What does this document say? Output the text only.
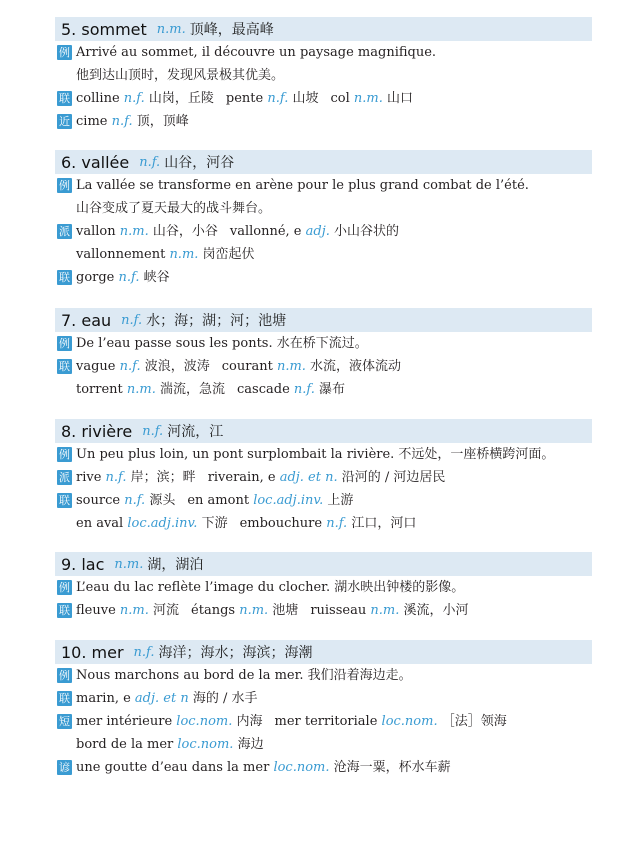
5. sommet n.m. 顶峰，最高峰
例 Arrivé au sommet, il découvre un paysage magnifique.
他到达山顶时，发现风景极其优美。
联 colline n.f. 山岗，丘陵 pente n.f. 山坡 col n.m. 山口
近 cime n.f. 顶，顶峰
6. vallée n.f. 山谷，河谷
例 La vallée se transforme en arène pour le plus grand combat de l’été.
山谷变成了夏天最大的战斗舞台。
派 vallon n.m. 山谷，小谷 vallonné, e adj. 小山谷状的
vallonnement n.m. 岗峦起伏
联 gorge n.f. 峡谷
7. eau n.f. 水；海；湖；河；池塘
例 De l’eau passe sous les ponts. 水在桥下流过。
联 vague n.f. 波浪，波涛 courant n.m. 水流，液体流动
torrent n.m. 湍流，急流 cascade n.f. 瀑布
8. rivière n.f. 河流，江
例 Un peu plus loin, un pont surplombait la rivière. 不远处，一座桥横跨河面。
派 rive n.f. 岸；滨；畔 riverain, e adj. et n. 沿河的 / 河边居民
联 source n.f. 源头 en amont loc.adj.inv. 上游
en aval loc.adj.inv. 下游 embouchure n.f. 江口，河口
9. lac n.m. 湖，湖泊
例 L’eau du lac reflète l’image du clocher. 湖水映出钟楼的影像。
联 fleuve n.m. 河流 étangs n.m. 池塘 ruisseau n.m. 溪流，小河
10. mer n.f. 海洋；海水；海滨；海潮
例 Nous marchons au bord de la mer. 我们沿着海边走。
联 marin, e adj. et n 海的 / 水手
短 mer intérieure loc.nom. 内海 mer territoriale loc.nom. ［法］领海
bord de la mer loc.nom. 海边
谚 une goutte d’eau dans la mer loc.nom. 沧海一粟，杯水车薪
